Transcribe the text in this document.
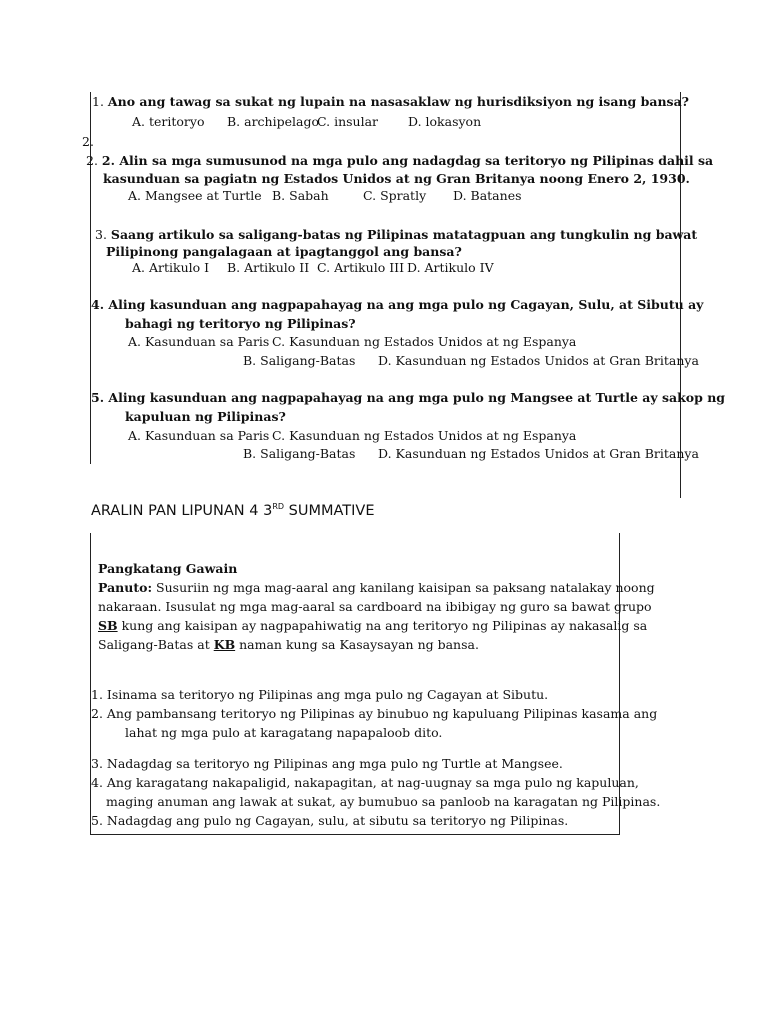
1. Ano ang tawag sa sukat ng lupain na nasasaklaw ng hurisdiksiyon ng isang bansa?
A. teritoryo B. archipelago
C. insular D. lokasyon
2.
2. 2. Alin sa mga sumusunod na mga pulo ang nadagdag sa teritoryo ng Pilipinas dahil sa
kasunduan sa pagiatn ng Estados Unidos at ng Gran Britanya noong Enero 2, 1930.
A. Mangsee at Turtle B. Sabah	C. Spratly D. Batanes
3. Saang artikulo sa saligang-batas ng Pilipinas matatagpuan ang tungkulin ng bawat
Pilipinong pangalagaan at ipagtanggol ang bansa?
A. Artikulo I B. Artikulo II C. Artikulo III D. Artikulo IV
4. Aling kasunduan ang nagpapahayag na ang mga pulo ng Cagayan, Sulu, at Sibutu ay
bahagi ng teritoryo ng Pilipinas?
A. Kasunduan sa Paris C. Kasunduan ng Estados Unidos at ng Espanya
B. Saligang-Batas D. Kasunduan ng Estados Unidos at Gran Britanya
5. Aling kasunduan ang nagpapahayag na ang mga pulo ng Mangsee at Turtle ay sakop ng
kapuluan ng Pilipinas?
A. Kasunduan sa Paris C. Kasunduan ng Estados Unidos at ng Espanya
B. Saligang-Batas D. Kasunduan ng Estados Unidos at Gran Britanya
ARALIN PAN LIPUNAN 4 3RD SUMMATIVE
Pangkatang Gawain
Panuto: Susuriin ng mga mag-aaral ang kanilang kaisipan sa paksang natalakay noong
nakaraan. Isusulat ng mga mag-aaral sa cardboard na ibibigay ng guro sa bawat grupo
SB kung ang kaisipan ay nagpapahiwatig na ang teritoryo ng Pilipinas ay nakasalig sa
Saligang-Batas at KB naman kung sa Kasaysayan ng bansa.
1. Isinama sa teritoryo ng Pilipinas ang mga pulo ng Cagayan at Sibutu.
2. Ang pambansang teritoryo ng Pilipinas ay binubuo ng kapuluang Pilipinas kasama ang
lahat ng mga pulo at karagatang napapaloob dito.
3. Nadagdag sa teritoryo ng Pilipinas ang mga pulo ng Turtle at Mangsee.
4. Ang karagatang nakapaligid, nakapagitan, at nag-uugnay sa mga pulo ng kapuluan,
maging anuman ang lawak at sukat, ay bumubuo sa panloob na karagatan ng Pilipinas.
5. Nadagdag ang pulo ng Cagayan, sulu, at sibutu sa teritoryo ng Pilipinas.
